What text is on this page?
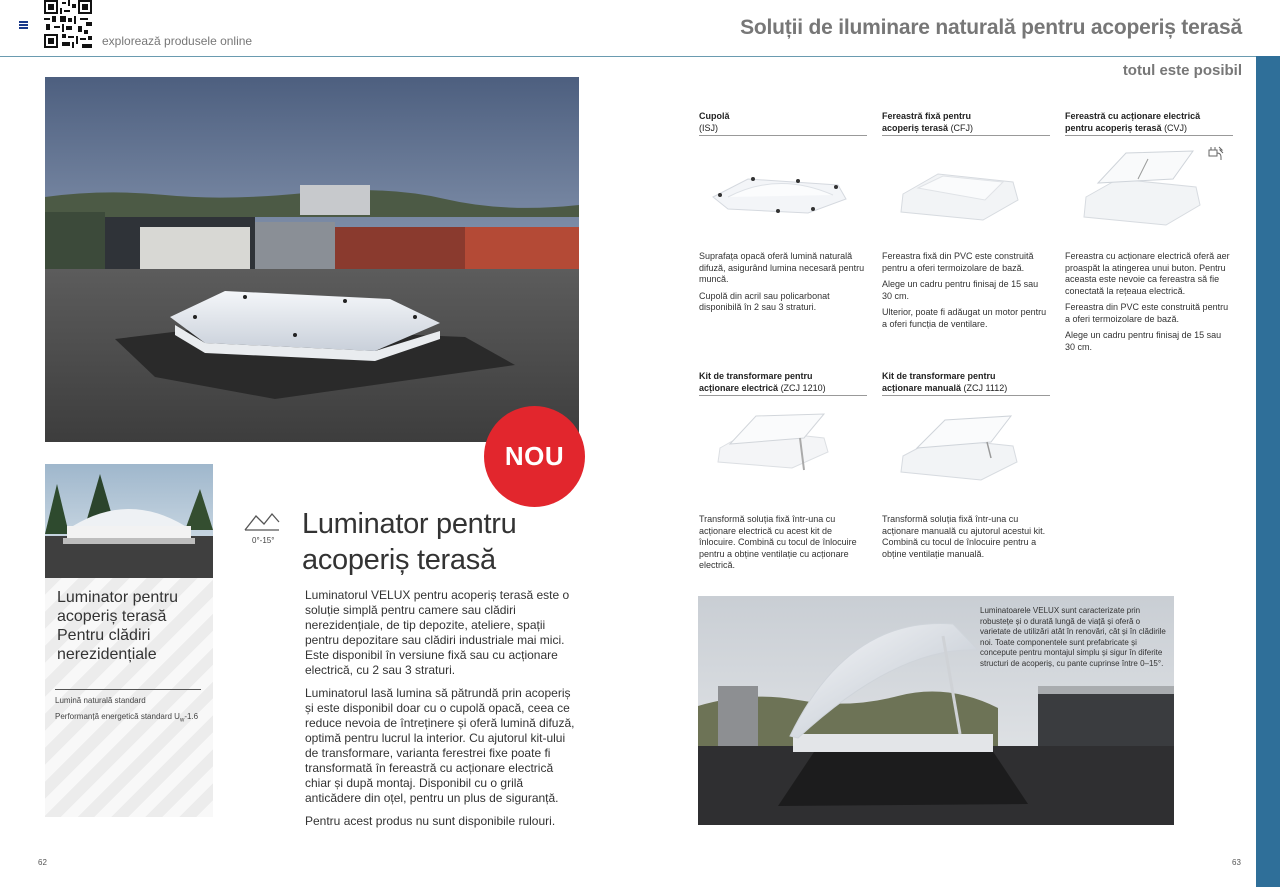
explorează produsele online
Soluții de iluminare naturală pentru acoperiș terasă
totul este posibil
0°-15°
NOU
Luminator pentru
acoperiș terasă
Pentru clădiri
nerezidențiale
Lumină naturală standard
Performanță energetică standard $U_w-1.6$
0°-15°
Luminator pentru
acoperiș terasă

Luminatorul VELUX pentru acoperiș terasă este o soluție simplă pentru camere sau clădiri nerezidențiale, de tip depozite, ateliere, spații pentru depozitare sau clădiri industriale mai mici. Este disponibil în versiune fixă sau cu acționare electrică, cu 2 sau 3 straturi.

Luminatorul lasă lumina să pătrundă prin acoperiș și este disponibil doar cu o cupolă opacă, ceea ce reduce nevoia de întreținere și oferă lumină difuză, optimă pentru lucrul la interior. Cu ajutorul kit-ului de transformare, varianta ferestrei fixe poate fi transformată în fereastră cu acționare electrică chiar și după montaj. Disponibil cu o grilă anticădere din oțel, pentru un plus de siguranță.

Pentru acest produs nu sunt disponibile rulouri.

Cupolă
(ISJ)

Suprafața opacă oferă lumină naturală difuză, asigurând lumina necesară pentru muncă.

Cupolă din acril sau policarbonat disponibilă în 2 sau 3 straturi.

Fereastră fixă pentru
acoperiș terasă (CFJ)

Fereastra fixă din PVC este construită pentru a oferi termoizolare de bază.

Alege un cadru pentru finisaj de 15 sau 30 cm.

Ulterior, poate fi adăugat un motor pentru a oferi funcția de ventilare.

Fereastră cu acționare electrică
pentru acoperiș terasă (CVJ)

Fereastra cu acționare electrică oferă aer proaspăt la atingerea unui buton. Pentru aceasta este nevoie ca fereastra să fie conectată la rețeaua electrică.

Fereastra din PVC este construită pentru a oferi termoizolare de bază.

Alege un cadru pentru finisaj de 15 sau 30 cm.

Kit de transformare pentru
acționare electrică (ZCJ 1210)

Transformă soluția fixă într-una cu acționare electrică cu acest kit de înlocuire. Combină cu tocul de înlocuire pentru a obține ventilație cu acționare electrică.

Kit de transformare pentru
acționare manuală (ZCJ 1112)

Transformă soluția fixă într-una cu acționare manuală cu ajutorul acestui kit. Combină cu tocul de înlocuire pentru a obține ventilație manuală.

Luminatoarele VELUX sunt caracterizate prin robustețe și o durată lungă de viață și oferă o varietate de utilizări atât în renovări, cât și în clădirile noi. Toate componentele sunt prefabricate și concepute pentru montajul simplu și sigur în diferite structuri de acoperiș, cu pante cuprinse între 0–15°.
62	63
